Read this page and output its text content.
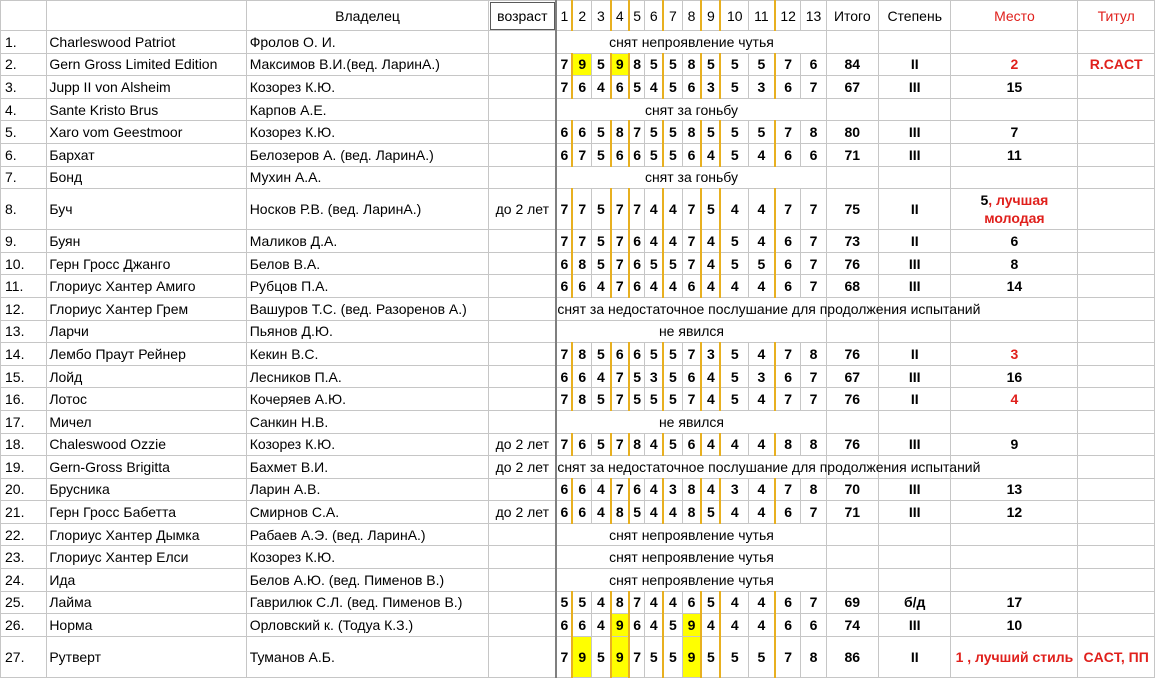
		Владелец	возраст	1	2	3	4	5	6	7	8	9	10	11	12	13	Итого	Степень	Место	Титул
1.	Charleswood Patriot	Фролов О. И.		снят непроявление чутья																
2.	Gern Gross Limited Edition	Максимов В.И.(вед. ЛаринА.)		7	9	5	9	8	5	5	8	5	5	5	7	6	84	II	2	R.CACT
3.	Jupp II von Alsheim	Козорез К.Ю.		7	6	4	6	5	4	5	6	3	5	3	6	7	67	III	15	
4.	Sante Kristo Brus	Карпов А.Е.		снят за гоньбу																
5.	Xaro vom Geestmoor	Козорез К.Ю.		6	6	5	8	7	5	5	8	5	5	5	7	8	80	III	7	
6.	Бархат	Белозеров А. (вед. ЛаринА.)		6	7	5	6	6	5	5	6	4	5	4	6	6	71	III	11	
7.	Бонд	Мухин А.А.		снят за гоньбу																
8.	Буч	Носков Р.В. (вед. ЛаринА.)	до 2 лет	7	7	5	7	7	4	4	7	5	4	4	7	7	75	II	5, лучшая молодая	
9.	Буян	Маликов Д.А.		7	7	5	7	6	4	4	7	4	5	4	6	7	73	II	6	
10.	Герн Гросс Джанго	Белов В.А.		6	8	5	7	6	5	5	7	4	5	5	6	7	76	III	8	
11.	Глориус Хантер Амиго	Рубцов П.А.		6	6	4	7	6	4	4	6	4	4	4	6	7	68	III	14	
12.	Глориус Хантер Грем	Вашуров Т.С. (вед. Разоренов А.)		снят за недостаточное послушание для продолжения испытаний																
13.	Ларчи	Пьянов Д.Ю.		не явился																
14.	Лембо Праут Рейнер	Кекин В.С.		7	8	5	6	6	5	5	7	3	5	4	7	8	76	II	3	
15.	Лойд	Лесников П.А.		6	6	4	7	5	3	5	6	4	5	3	6	7	67	III	16	
16.	Лотос	Кочеряев А.Ю.		7	8	5	7	5	5	5	7	4	5	4	7	7	76	II	4	
17.	Мичел	Санкин Н.В.		не явился																
18.	Chaleswood Ozzie	Козорез К.Ю.	до 2 лет	7	6	5	7	8	4	5	6	4	4	4	8	8	76	III	9	
19.	Gern-Gross Brigitta	Бахмет В.И.	до 2 лет	снят за недостаточное послушание для продолжения испытаний																
20.	Брусника	Ларин А.В.		6	6	4	7	6	4	3	8	4	3	4	7	8	70	III	13	
21.	Герн Гросс Бабетта	Смирнов С.А.	до 2 лет	6	6	4	8	5	4	4	8	5	4	4	6	7	71	III	12	
22.	Глориус Хантер Дымка	Рабаев А.Э. (вед. ЛаринА.)		снят непроявление чутья																
23.	Глориус Хантер Елси	Козорез К.Ю.		снят непроявление чутья																
24.	Ида	Белов А.Ю. (вед. Пименов В.)		снят непроявление чутья																
25.	Лайма	Гаврилюк С.Л. (вед. Пименов В.)		5	5	4	8	7	4	4	6	5	4	4	6	7	69	б/д	17	
26.	Норма	Орловский к. (Тодуа К.З.)		6	6	4	9	6	4	5	9	4	4	4	6	6	74	III	10	
27.	Рутверт	Туманов А.Б.		7	9	5	9	7	5	5	9	5	5	5	7	8	86	II	1 , лучший стиль	CACT, ПП
